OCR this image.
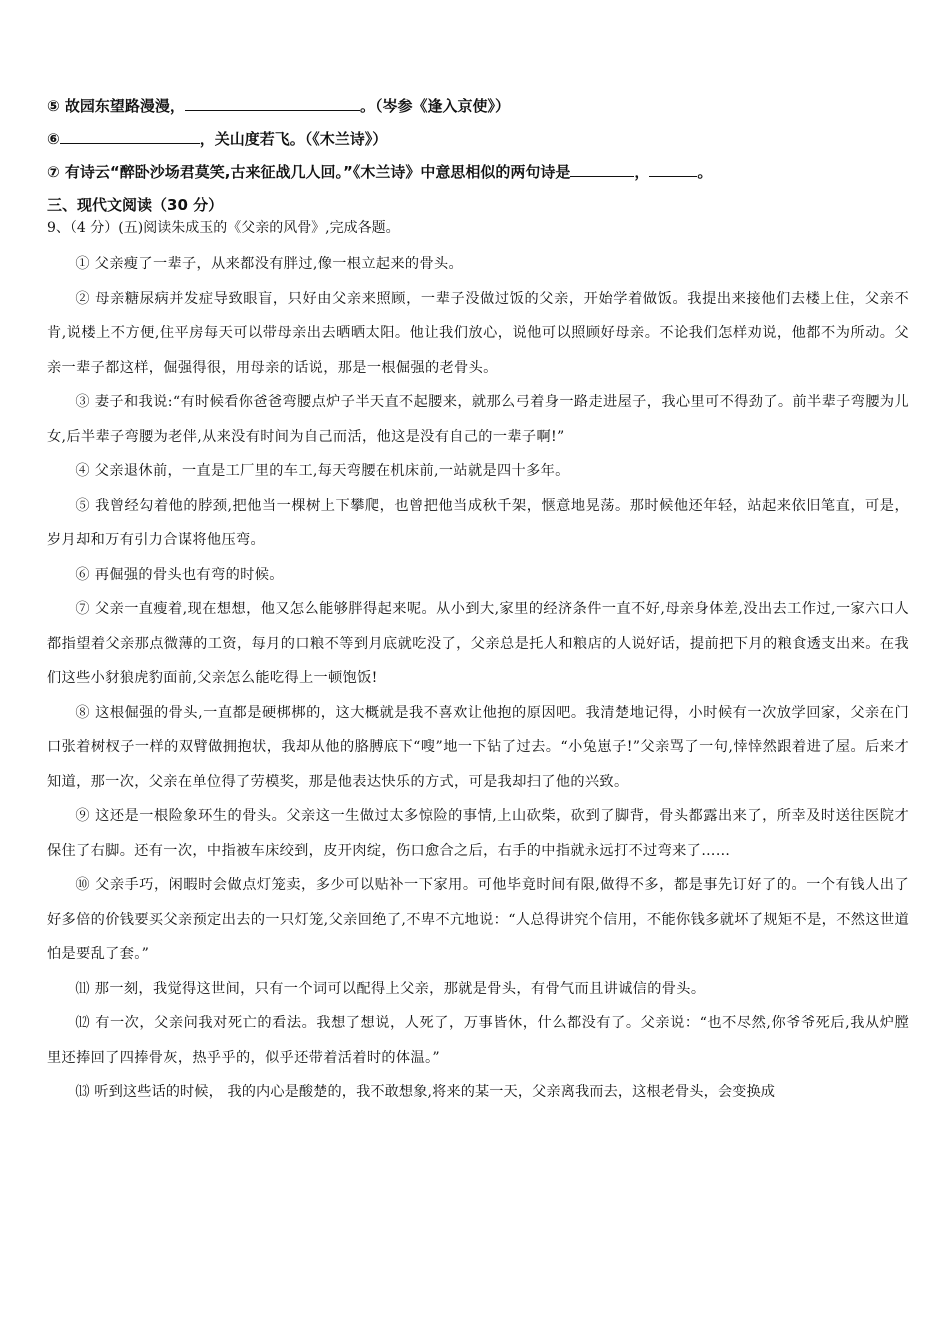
⑤ 故园东望路漫漫，	。（岑参《逢入京使》）
⑥	，关山度若飞。（《木兰诗》）
⑦ 有诗云“醉卧沙场君莫笑,古来征战几人回。”《木兰诗》中意思相似的两句诗是	，	。
三、现代文阅读（30 分）
9、（4 分）(五)阅读朱成玉的《父亲的风骨》,完成各题。

① 父亲瘦了一辈子，从来都没有胖过,像一根立起来的骨头。

② 母亲糖尿病并发症导致眼盲，只好由父亲来照顾，一辈子没做过饭的父亲，开始学着做饭。我提出来接他们去楼上住，父亲不肯,说楼上不方便,住平房每天可以带母亲出去晒晒太阳。他让我们放心，说他可以照顾好母亲。不论我们怎样劝说，他都不为所动。父亲一辈子都这样，倔强得很，用母亲的话说，那是一根倔强的老骨头。

③ 妻子和我说:“有时候看你爸爸弯腰点炉子半天直不起腰来，就那么弓着身一路走进屋子，我心里可不得劲了。前半辈子弯腰为儿女,后半辈子弯腰为老伴,从来没有时间为自己而活，他这是没有自己的一辈子啊!”

④ 父亲退休前，一直是工厂里的车工,每天弯腰在机床前,一站就是四十多年。

⑤ 我曾经勾着他的脖颈,把他当一棵树上下攀爬，也曾把他当成秋千架，惬意地晃荡。那时候他还年轻，站起来依旧笔直，可是，岁月却和万有引力合谋将他压弯。

⑥ 再倔强的骨头也有弯的时候。

⑦ 父亲一直瘦着,现在想想，他又怎么能够胖得起来呢。从小到大,家里的经济条件一直不好,母亲身体差,没出去工作过,一家六口人都指望着父亲那点微薄的工资，每月的口粮不等到月底就吃没了，父亲总是托人和粮店的人说好话，提前把下月的粮食透支出来。在我们这些小豺狼虎豹面前,父亲怎么能吃得上一顿饱饭!

⑧ 这根倔强的骨头,一直都是硬梆梆的，这大概就是我不喜欢让他抱的原因吧。我清楚地记得，小时候有一次放学回家，父亲在门口张着树杈子一样的双臂做拥抱状，我却从他的胳膊底下“嗖”地一下钻了过去。“小兔崽子!”父亲骂了一句,悻悻然跟着进了屋。后来才知道，那一次，父亲在单位得了劳模奖，那是他表达快乐的方式，可是我却扫了他的兴致。

⑨ 这还是一根险象环生的骨头。父亲这一生做过太多惊险的事情,上山砍柴，砍到了脚背，骨头都露出来了，所幸及时送往医院才保住了右脚。还有一次，中指被车床绞到，皮开肉绽，伤口愈合之后，右手的中指就永远打不过弯来了……

⑩ 父亲手巧，闲暇时会做点灯笼卖，多少可以贴补一下家用。可他毕竟时间有限,做得不多，都是事先订好了的。一个有钱人出了好多倍的价钱要买父亲预定出去的一只灯笼,父亲回绝了,不卑不亢地说：“人总得讲究个信用，不能你钱多就坏了规矩不是，不然这世道怕是要乱了套。”

⑾ 那一刻，我觉得这世间，只有一个词可以配得上父亲，那就是骨头，有骨气而且讲诚信的骨头。

⑿ 有一次，父亲问我对死亡的看法。我想了想说，人死了，万事皆休，什么都没有了。父亲说：“也不尽然,你爷爷死后,我从炉膛里还捧回了四捧骨灰，热乎乎的，似乎还带着活着时的体温。”

⒀ 听到这些话的时候， 我的内心是酸楚的，我不敢想象,将来的某一天，父亲离我而去，这根老骨头，会变换成
